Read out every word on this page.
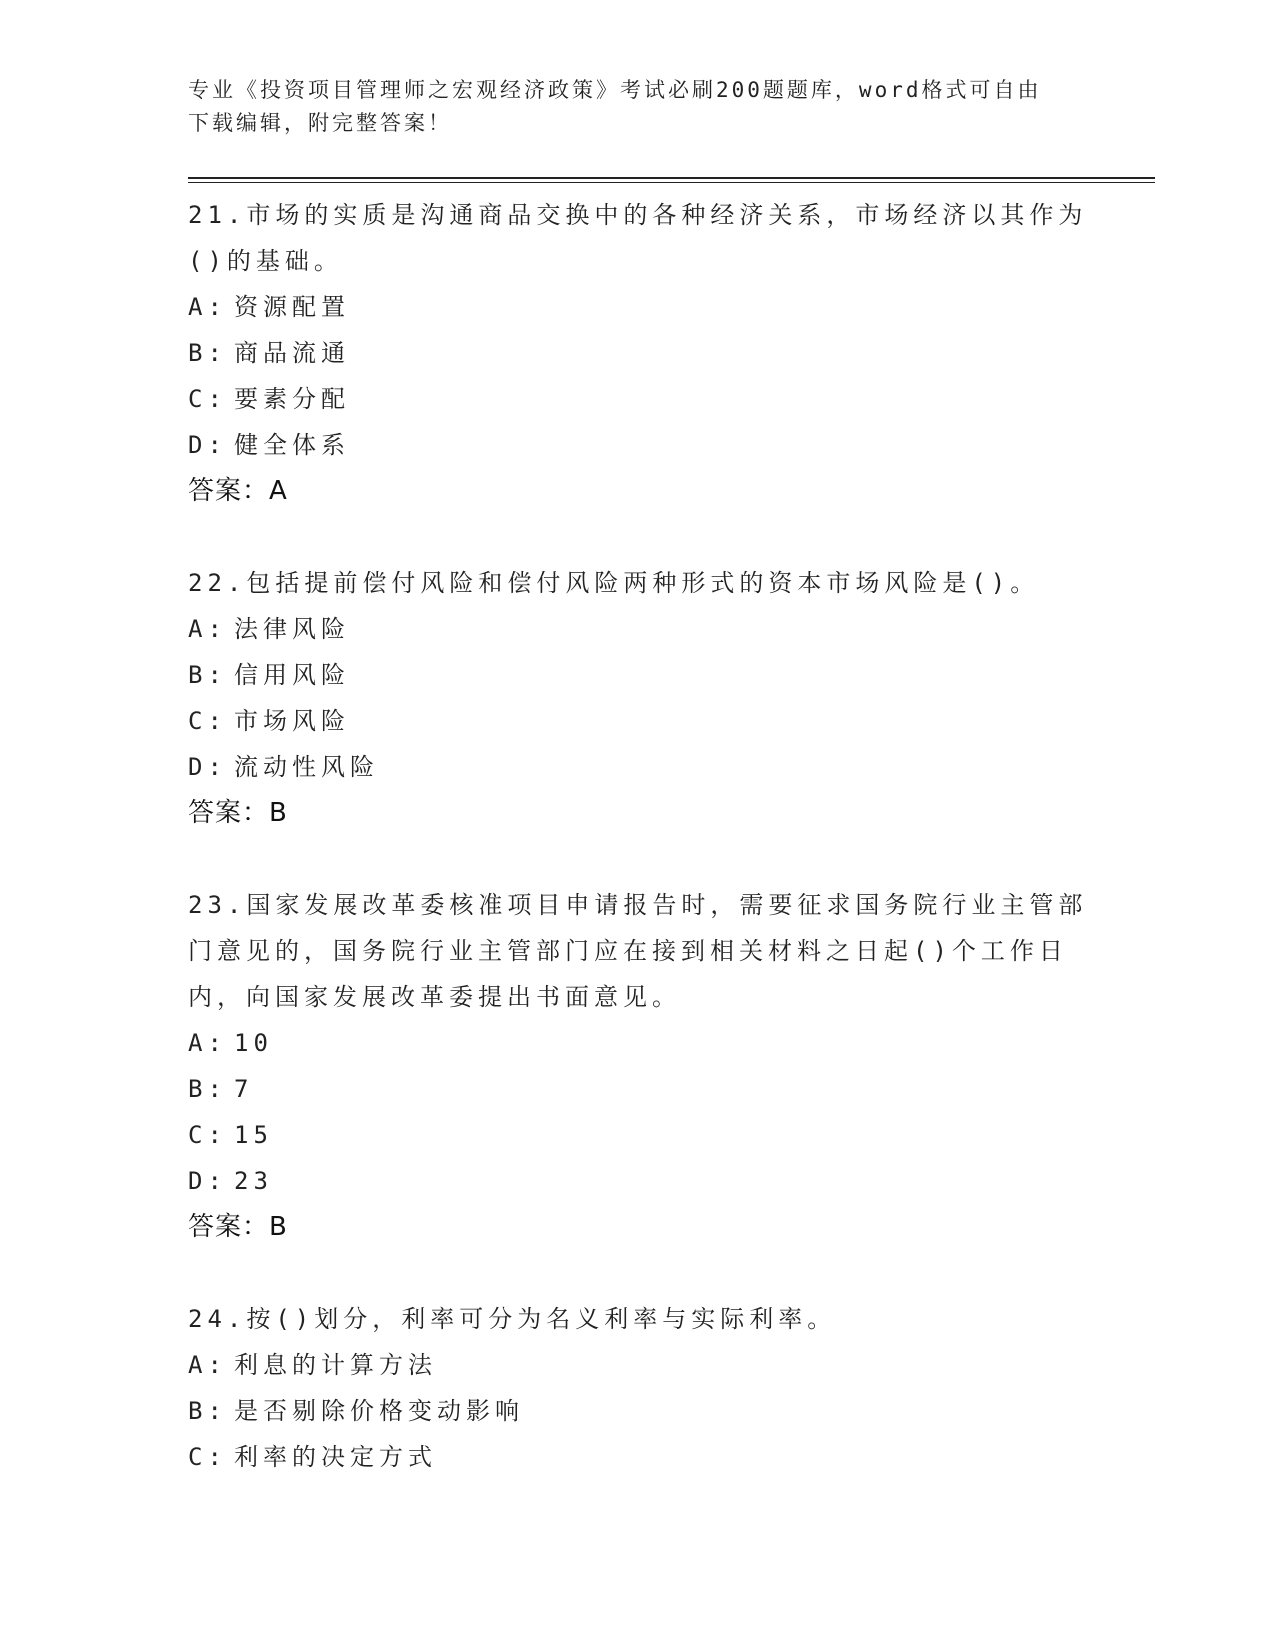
专业《投资项目管理师之宏观经济政策》考试必刷200题题库，word格式可自由
下载编辑，附完整答案！
21.市场的实质是沟通商品交换中的各种经济关系，市场经济以其作为
()的基础。
A: 资源配置
B: 商品流通
C: 要素分配
D: 健全体系
答案：A
22.包括提前偿付风险和偿付风险两种形式的资本市场风险是()。
A: 法律风险
B: 信用风险
C: 市场风险
D: 流动性风险
答案：B
23.国家发展改革委核准项目申请报告时，需要征求国务院行业主管部
门意见的，国务院行业主管部门应在接到相关材料之日起()个工作日
内，向国家发展改革委提出书面意见。
A: 10
B: 7
C: 15
D: 23
答案：B
24.按()划分，利率可分为名义利率与实际利率。
A: 利息的计算方法
B: 是否剔除价格变动影响
C: 利率的决定方式
